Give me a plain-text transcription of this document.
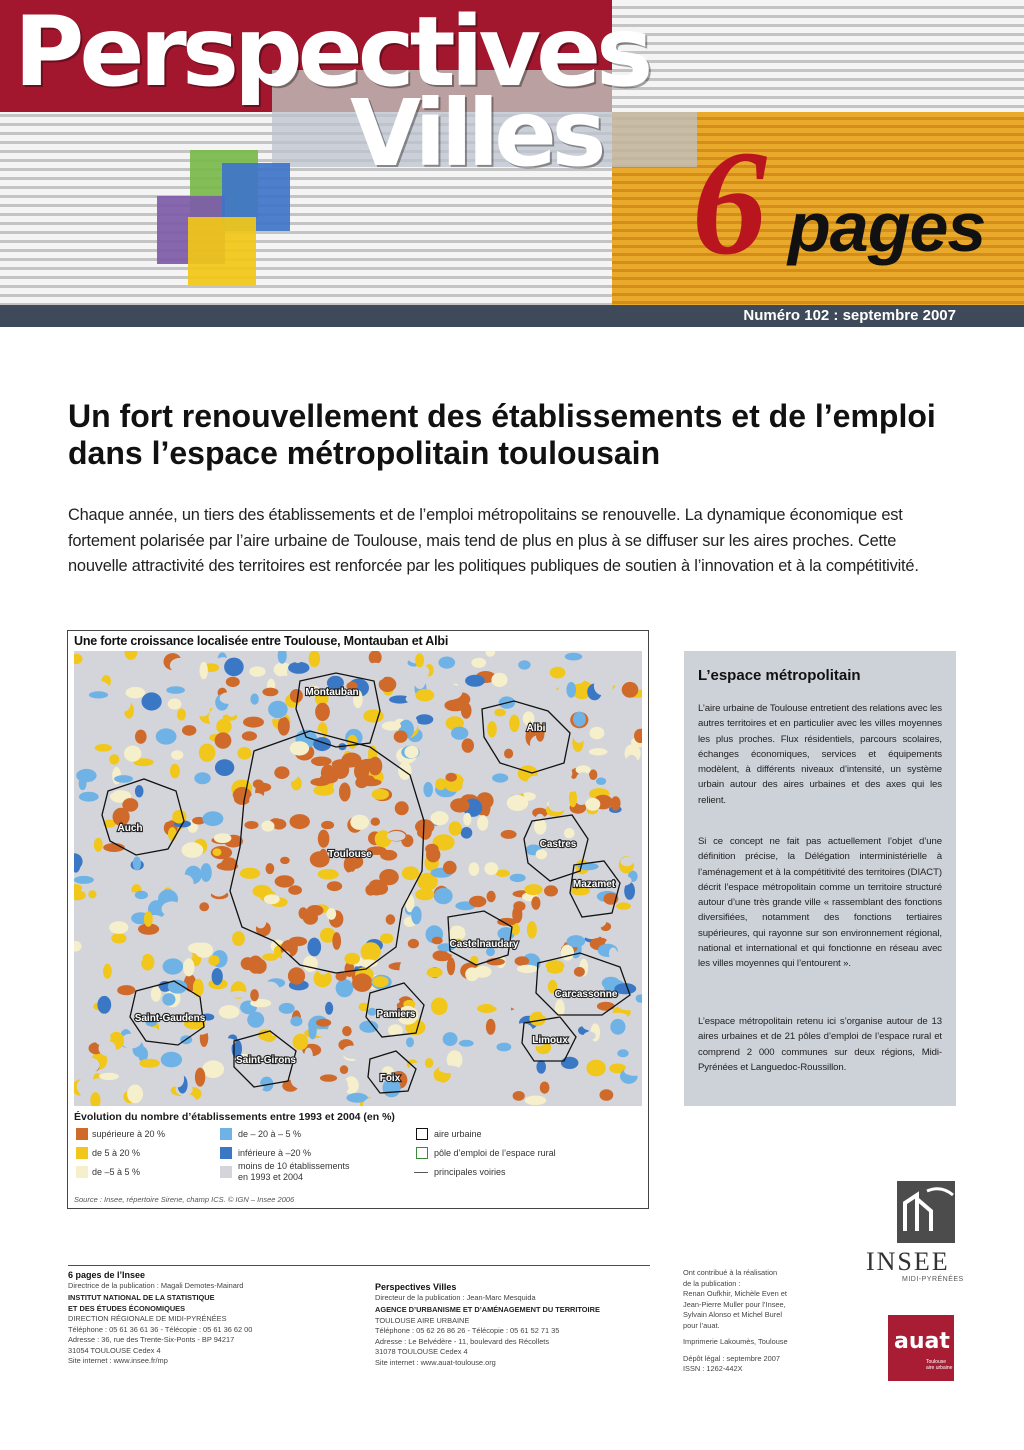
Perspectives
Villes 6 pages
Numéro 102 : septembre 2007
Un fort renouvellement des établissements et de l’emploi dans l’espace métropolitain toulousain

Chaque année, un tiers des établissements et de l’emploi métropolitains se renouvelle. La dynamique économique est fortement polarisée par l’aire urbaine de Toulouse, mais tend de plus en plus à se diffuser sur les aires proches. Cette nouvelle attractivité des territoires est renforcée par les politiques publiques de soutien à l’innovation et à la compétitivité.

Une forte croissance localisée entre Toulouse, Montauban et Albi
Montauban
Albi
Auch
Toulouse
Castres
Mazamet
Castelnaudary
Carcassonne
Saint-Gaudens	Pamiers
Saint-Girons
Foix
Limoux
Évolution du nombre d’établissements entre 1993 et 2004 (en %)
supérieure à 20 %
de 5 à 20 %
de –5 à 5 %
de – 20 à – 5 %
inférieure à –20 %
moins de 10 établissements en 1993 et 2004
aire urbaine
pôle d’emploi de l’espace rural
principales voiries
Source : Insee, répertoire Sirene, champ ICS. © IGN – Insee 2006
L’espace métropolitain

L’aire urbaine de Toulouse entretient des relations avec les autres territoires et en particulier avec les villes moyennes les plus proches. Flux résidentiels, parcours scolaires, échanges économiques, services et équipements modèlent, à différents niveaux d’intensité, un système urbain autour des aires urbaines et des axes qui les relient.

Si ce concept ne fait pas actuellement l’objet d’une définition précise, la Délégation interministérielle à l’aménagement et à la compétitivité des territoires (DIACT) décrit l’espace métropolitain comme un territoire structuré autour d’une très grande ville « rassemblant des fonctions diversifiées, notamment des fonctions tertiaires supérieures, qui rayonne sur son environnement régional, national et international et qui fonctionne en réseau avec les villes moyennes qui l’entourent ».

L’espace métropolitain retenu ici s’organise autour de 13 aires urbaines et de 21 pôles d’emploi de l’espace rural et comprend 2 000 communes sur deux régions, Midi-Pyrénées et Languedoc-Roussillon.

INSEE
MIDI-PYRÉNÉES
auat
Toulouse aire urbaine
6 pages de l’Insee
Directrice de la publication : Magali Demotes-Mainard
INSTITUT NATIONAL DE LA STATISTIQUE
ET DES ÉTUDES ÉCONOMIQUES
DIRECTION RÉGIONALE DE MIDI-PYRÉNÉES
Téléphone : 05 61 36 61 36 - Télécopie : 05 61 36 62 00
Adresse : 36, rue des Trente-Six-Ponts - BP 94217
31054 TOULOUSE Cedex 4
Site internet : www.insee.fr/mp
Perspectives Villes
Directeur de la publication : Jean-Marc Mesquida
AGENCE D’URBANISME ET D’AMÉNAGEMENT DU TERRITOIRE
TOULOUSE AIRE URBAINE
Téléphone : 05 62 26 86 26 - Télécopie : 05 61 52 71 35
Adresse : Le Belvédère - 11, boulevard des Récollets
31078 TOULOUSE Cedex 4
Site internet : www.auat-toulouse.org
Ont contribué à la réalisation
de la publication :
Renan Oufkhir, Michèle Even et
Jean-Pierre Muller pour l’Insee,
Sylvain Alonso et Michel Burel
pour l’auat.
Imprimerie Lakoumès, Toulouse
Dépôt légal : septembre 2007
ISSN : 1262-442X
